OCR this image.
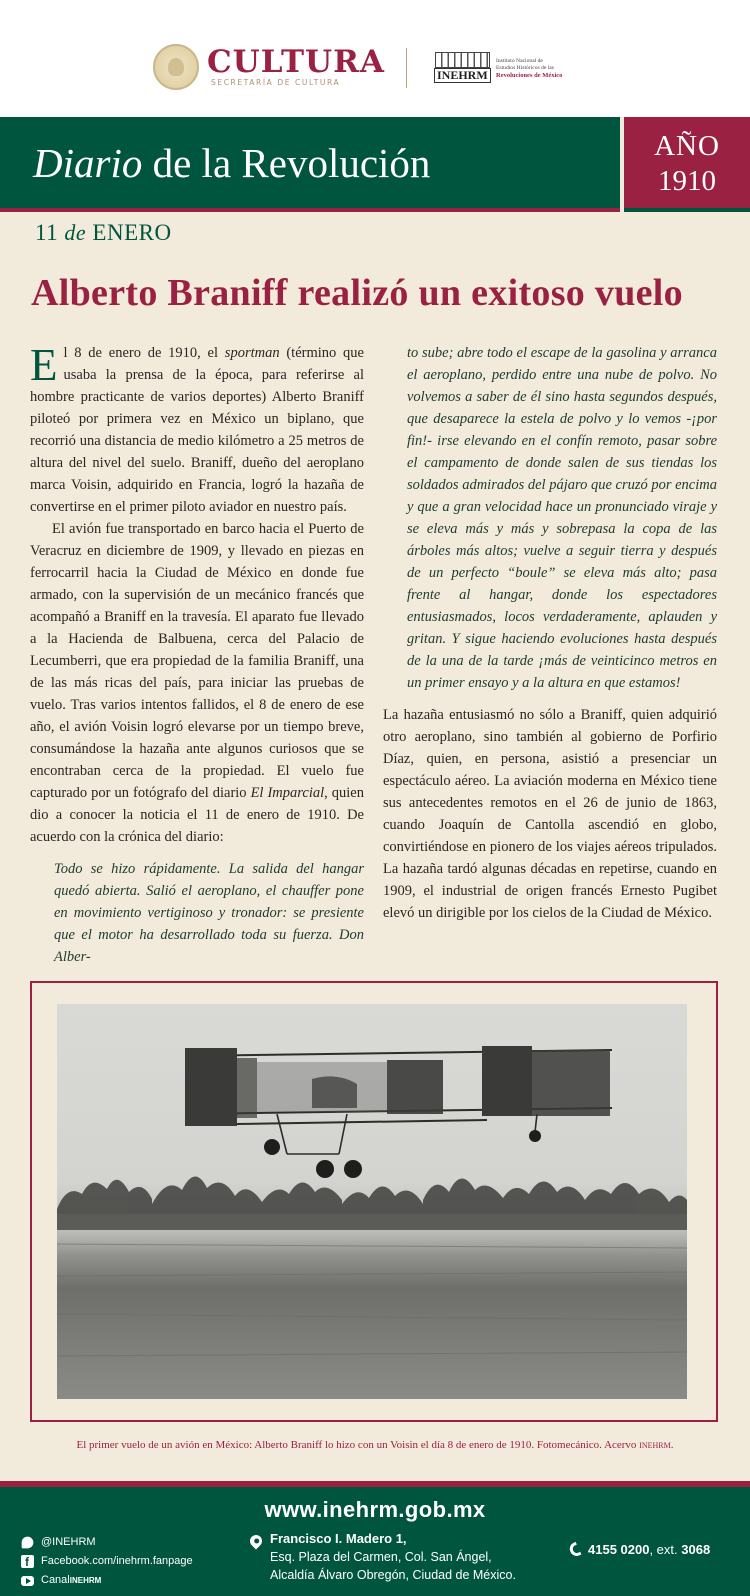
CULTURA
SECRETARÍA DE CULTURA
INEHRM
Instituto Nacional de
Estudios Históricos de las
Revoluciones de México
Diario de la Revolución	AÑO
1910
11 de ENERO
Alberto Braniff realizó un exitoso vuelo

El 8 de enero de 1910, el sportman (término que usaba la prensa de la época, para referirse al hombre practicante de varios deportes) Alberto Braniff piloteó por primera vez en México un biplano, que recorrió una distancia de medio kilómetro a 25 metros de altura del nivel del suelo. Braniff, dueño del aeroplano marca Voisin, adquirido en Francia, logró la hazaña de convertirse en el primer piloto aviador en nuestro país.

El avión fue transportado en barco hacia el Puerto de Veracruz en diciembre de 1909, y llevado en piezas en ferrocarril hacia la Ciudad de México en donde fue armado, con la supervisión de un mecánico francés que acompañó a Braniff en la travesía. El aparato fue llevado a la Hacienda de Balbuena, cerca del Palacio de Lecumberri, que era propiedad de la familia Braniff, una de las más ricas del país, para iniciar las pruebas de vuelo. Tras varios intentos fallidos, el 8 de enero de ese año, el avión Voisin logró elevarse por un tiempo breve, consumándose la hazaña ante algunos curiosos que se encontraban cerca de la propiedad. El vuelo fue capturado por un fotógrafo del diario El Imparcial, quien dio a conocer la noticia el 11 de enero de 1910. De acuerdo con la crónica del diario:

Todo se hizo rápidamente. La salida del hangar quedó abierta. Salió el aeroplano, el chauffer pone en movimiento vertiginoso y tronador: se presiente que el motor ha desarrollado toda su fuerza. Don Alber-

to sube; abre todo el escape de la gasolina y arranca el aeroplano, perdido entre una nube de polvo. No volvemos a saber de él sino hasta segundos después, que desaparece la estela de polvo y lo vemos -¡por fin!- irse elevando en el confín remoto, pasar sobre el campamento de donde salen de sus tiendas los soldados admirados del pájaro que cruzó por encima y que a gran velocidad hace un pronunciado viraje y se eleva más y más y sobrepasa la copa de las árboles más altos; vuelve a seguir tierra y después de un perfecto “boule” se eleva más alto; pasa frente al hangar, donde los espectadores entusiasmados, locos verdaderamente, aplauden y gritan. Y sigue haciendo evoluciones hasta después de la una de la tarde ¡más de veinticinco metros en un primer ensayo y a la altura en que estamos!

La hazaña entusiasmó no sólo a Braniff, quien adquirió otro aeroplano, sino también al gobierno de Porfirio Díaz, quien, en persona, asistió a presenciar un espectáculo aéreo. La aviación moderna en México tiene sus antecedentes remotos en el 26 de junio de 1863, cuando Joaquín de Cantolla ascendió en globo, convirtiéndose en pionero de los viajes aéreos tripulados. La hazaña tardó algunas décadas en repetirse, cuando en 1909, el industrial de origen francés Ernesto Pugibet elevó un dirigible por los cielos de la Ciudad de México.

El primer vuelo de un avión en México: Alberto Braniff lo hizo con un Voisin el día 8 de enero de 1910. Fotomecánico. Acervo inehrm.
www.inehrm.gob.mx
@INEHRM
f
Facebook.com/inehrm.fanpage
Canal inehrm
Francisco I. Madero 1,
Esq. Plaza del Carmen, Col. San Ángel,
Alcaldía Álvaro Obregón, Ciudad de México.
4155 0200, ext. 3068
